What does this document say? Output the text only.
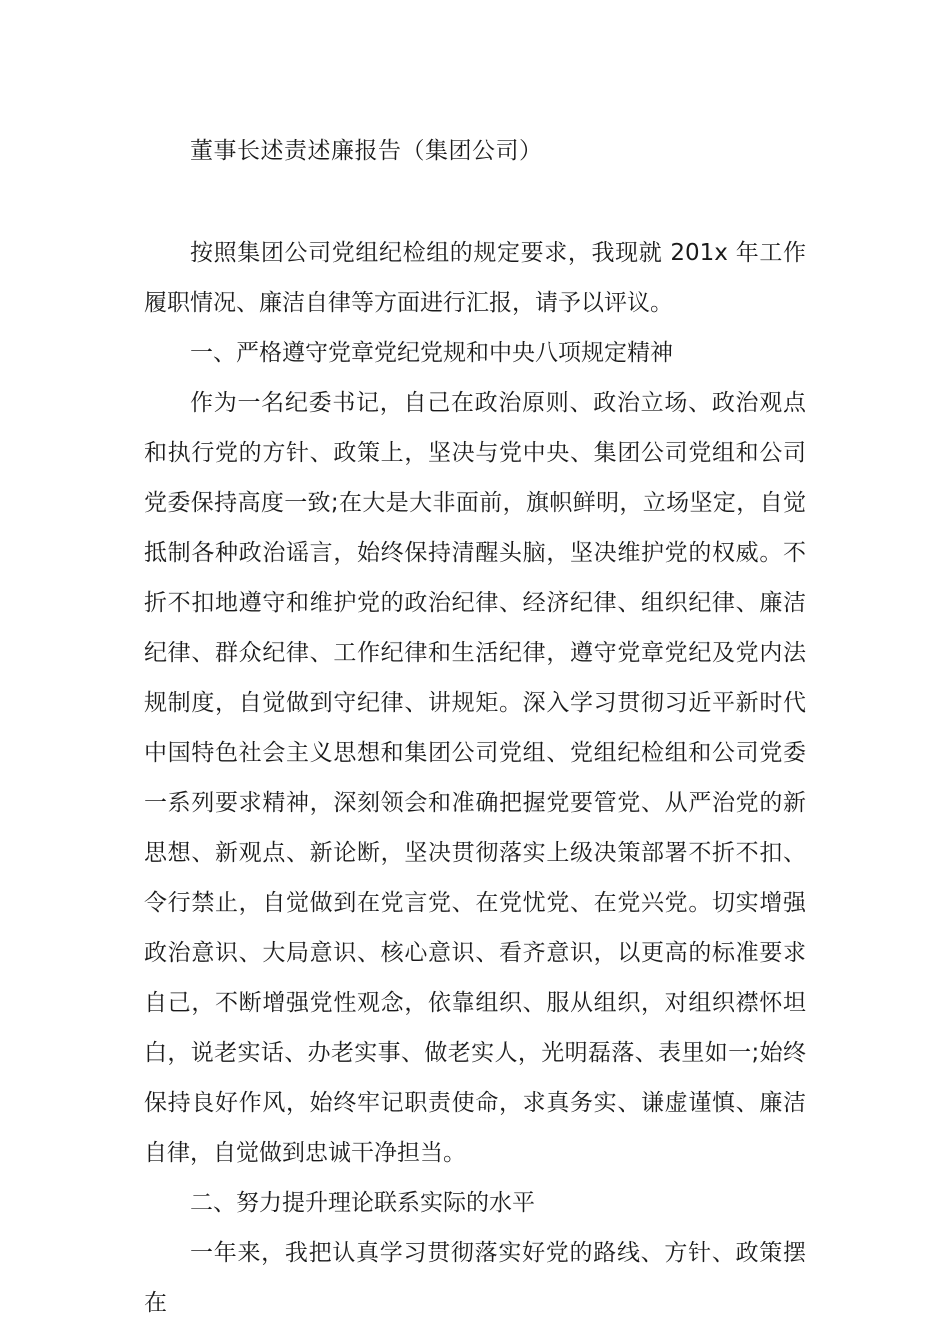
董事长述责述廉报告（集团公司）

按照集团公司党组纪检组的规定要求，我现就 201x 年工作履职情况、廉洁自律等方面进行汇报，请予以评议。

一、严格遵守党章党纪党规和中央八项规定精神

作为一名纪委书记，自己在政治原则、政治立场、政治观点和执行党的方针、政策上，坚决与党中央、集团公司党组和公司党委保持高度一致;在大是大非面前，旗帜鲜明，立场坚定，自觉抵制各种政治谣言，始终保持清醒头脑，坚决维护党的权威。不折不扣地遵守和维护党的政治纪律、经济纪律、组织纪律、廉洁纪律、群众纪律、工作纪律和生活纪律，遵守党章党纪及党内法规制度，自觉做到守纪律、讲规矩。深入学习贯彻习近平新时代中国特色社会主义思想和集团公司党组、党组纪检组和公司党委一系列要求精神，深刻领会和准确把握党要管党、从严治党的新思想、新观点、新论断，坚决贯彻落实上级决策部署不折不扣、令行禁止，自觉做到在党言党、在党忧党、在党兴党。切实增强政治意识、大局意识、核心意识、看齐意识，以更高的标准要求自己，不断增强党性观念，依靠组织、服从组织，对组织襟怀坦白，说老实话、办老实事、做老实人，光明磊落、表里如一;始终保持良好作风，始终牢记职责使命，求真务实、谦虚谨慎、廉洁自律，自觉做到忠诚干净担当。

二、努力提升理论联系实际的水平

一年来，我把认真学习贯彻落实好党的路线、方针、政策摆在
